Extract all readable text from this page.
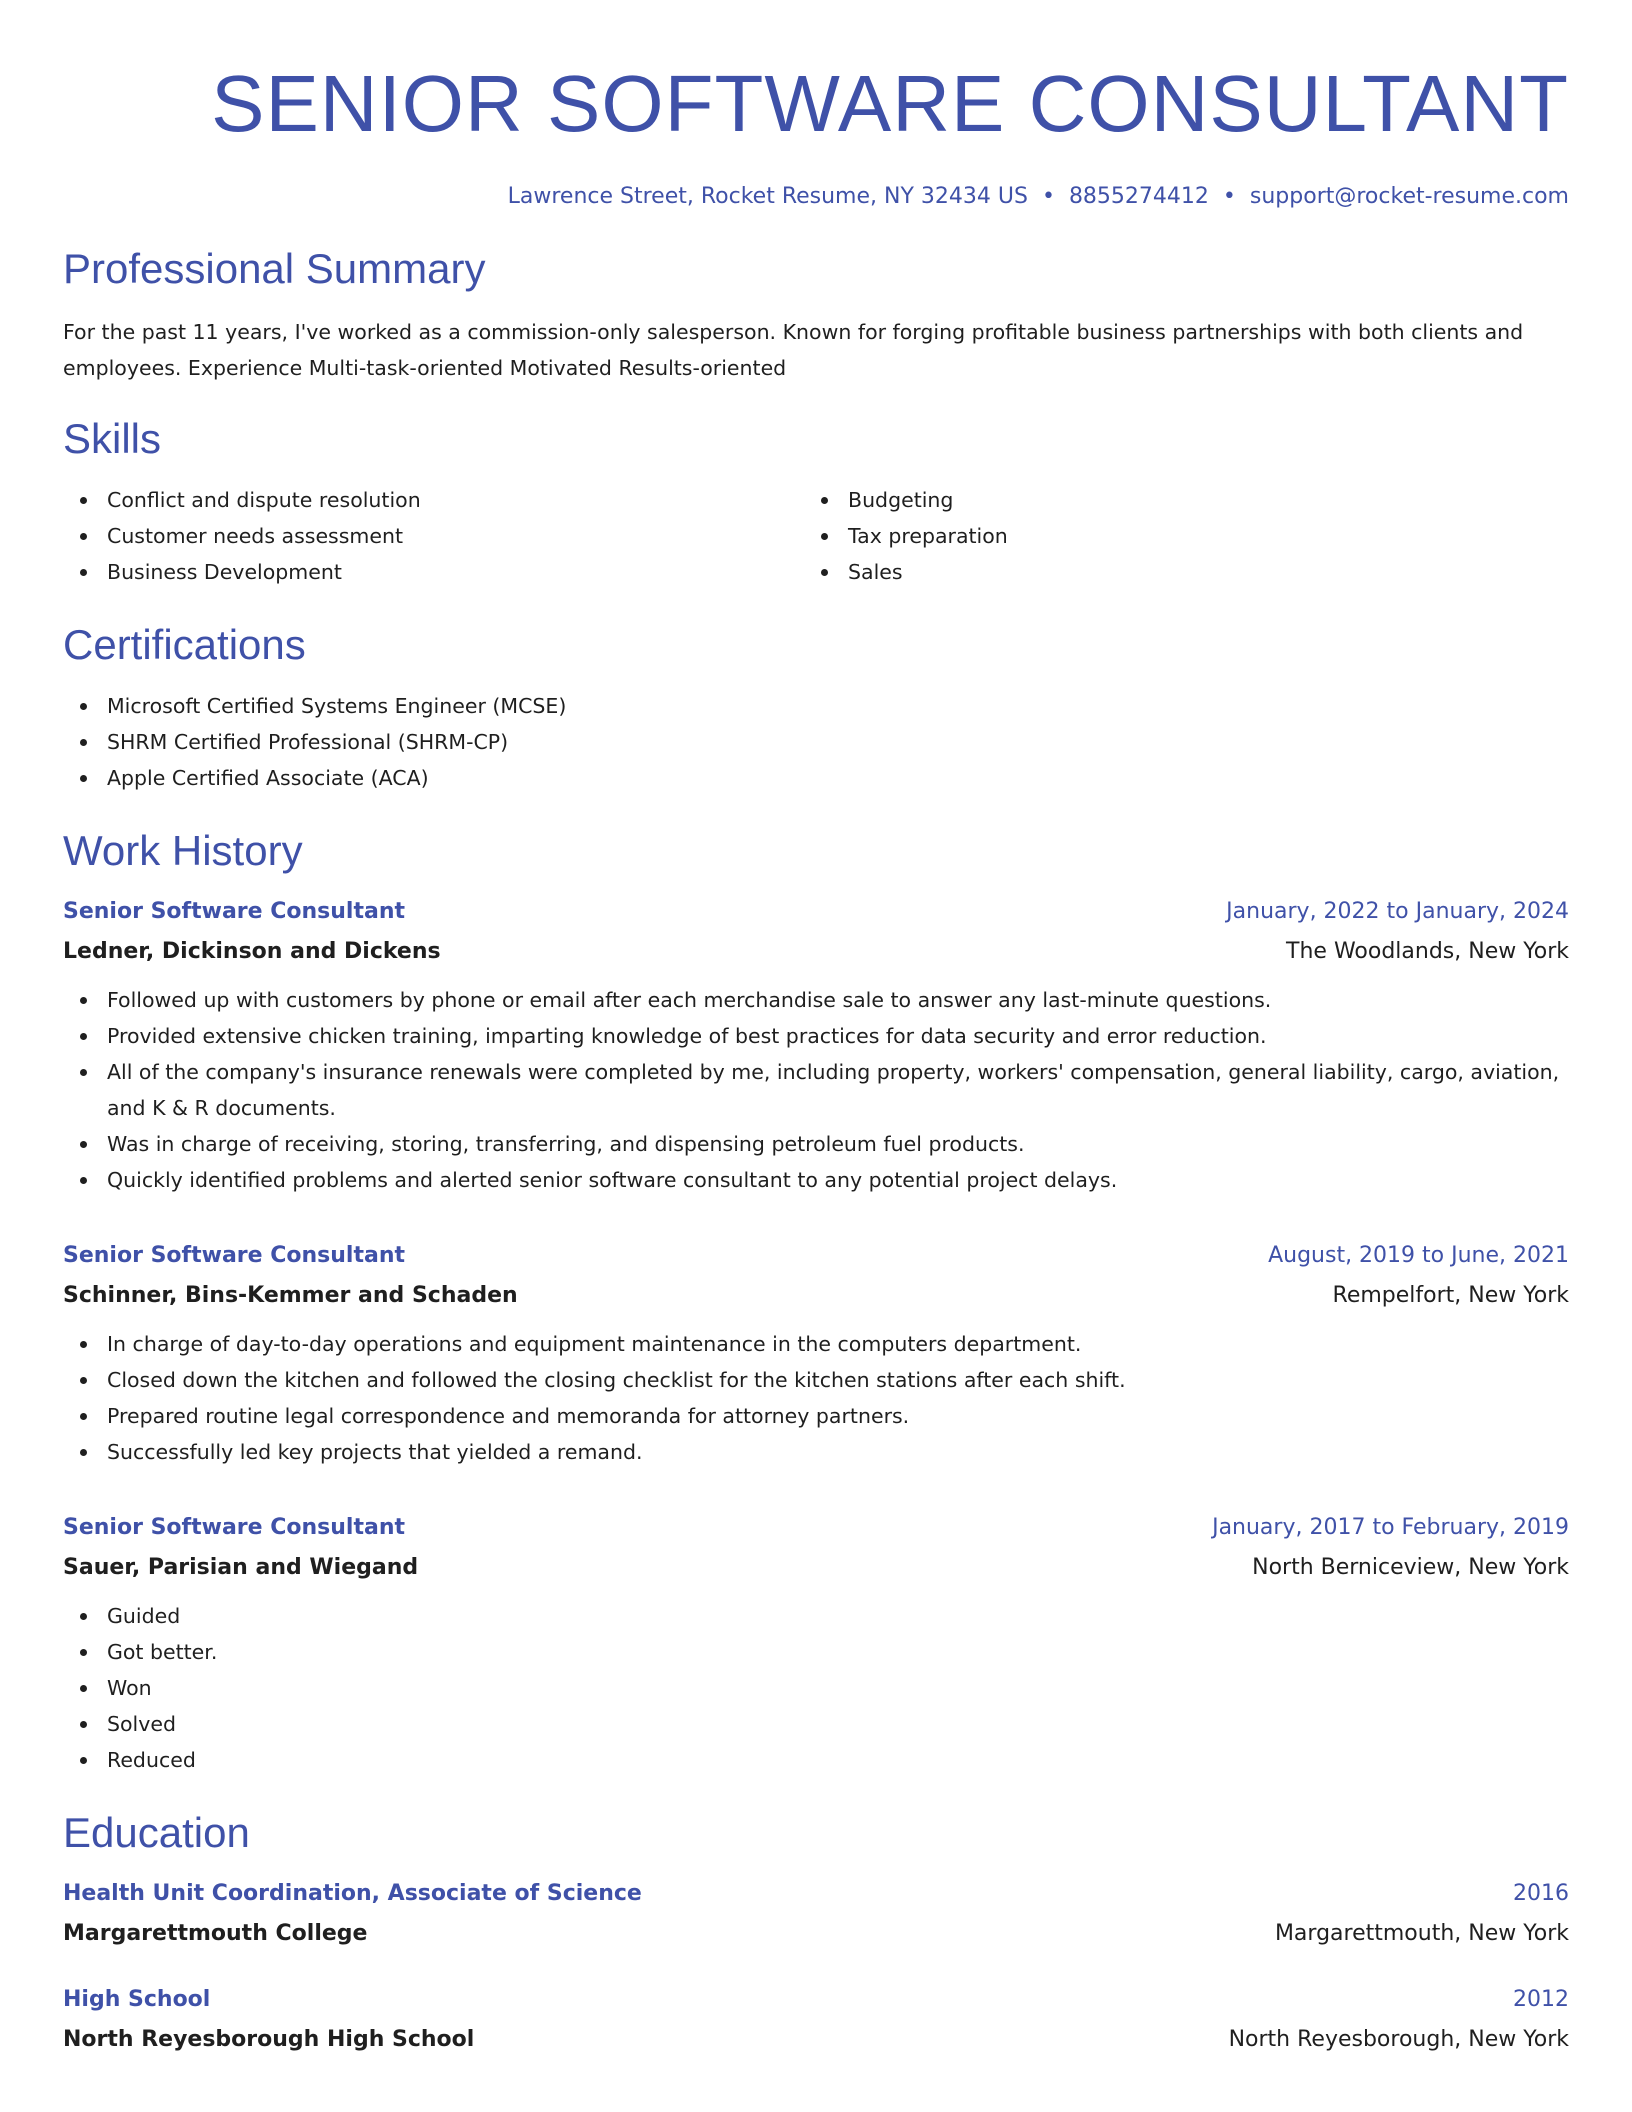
SENIOR SOFTWARE CONSULTANT
Lawrence Street, Rocket Resume, NY 32434 US • 8855274412 • support@rocket-resume.com
Professional Summary

For the past 11 years, I've worked as a commission-only salesperson. Known for forging profitable business partnerships with both clients and employees. Experience Multi-task-oriented Motivated Results-oriented

Skills
Conflict and dispute resolution
Customer needs assessment
Business Development
Budgeting
Tax preparation
Sales
Certifications
Microsoft Certified Systems Engineer (MCSE)
SHRM Certified Professional (SHRM-CP)
Apple Certified Associate (ACA)
Work History
Senior Software Consultant	January, 2022 to January, 2024
Ledner, Dickinson and Dickens	The Woodlands, New York
Followed up with customers by phone or email after each merchandise sale to answer any last-minute questions.
Provided extensive chicken training, imparting knowledge of best practices for data security and error reduction.
All of the company's insurance renewals were completed by me, including property, workers' compensation, general liability, cargo, aviation, and K & R documents.
Was in charge of receiving, storing, transferring, and dispensing petroleum fuel products.
Quickly identified problems and alerted senior software consultant to any potential project delays.
Senior Software Consultant	August, 2019 to June, 2021
Schinner, Bins-Kemmer and Schaden	Rempelfort, New York
In charge of day-to-day operations and equipment maintenance in the computers department.
Closed down the kitchen and followed the closing checklist for the kitchen stations after each shift.
Prepared routine legal correspondence and memoranda for attorney partners.
Successfully led key projects that yielded a remand.
Senior Software Consultant	January, 2017 to February, 2019
Sauer, Parisian and Wiegand	North Berniceview, New York
Guided
Got better.
Won
Solved
Reduced
Education
Health Unit Coordination, Associate of Science	2016
Margarettmouth College	Margarettmouth, New York
High School	2012
North Reyesborough High School	North Reyesborough, New York
